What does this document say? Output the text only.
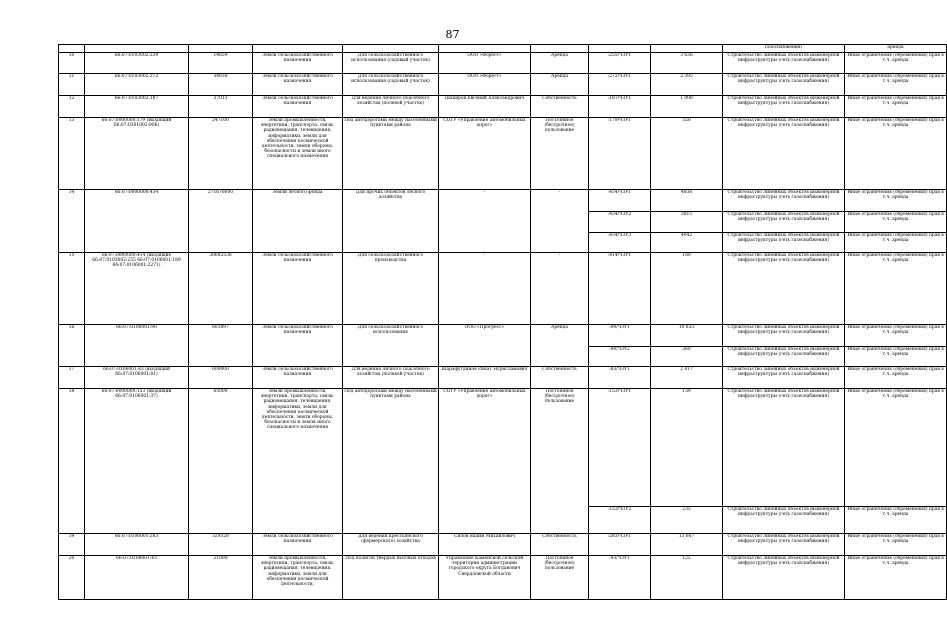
87
									газоснабжения)	аренда
10	66:07:0103002:239	14659	Земли сельскохозяйственного назначения	Для сельскохозяйственного использования (садовый участок)	ООО «Форест»	Аренда	:255/ЧЗУ1	3 636	Строительство линейных объектов инженерной инфраструктуры (сеть газоснабжения)	Иные ограничения (обременения) прав в т.ч. аренда
11	66:07:0103002:272	34658	Земли сельскохозяйственного назначения	Для сельскохозяйственного использования (садовый участок)	ООО «Форест»	Аренда	:272/ЧЗУ1	2 395	Строительство линейных объектов инженерной инфраструктуры (сеть газоснабжения)	Иные ограничения (обременения) прав в т.ч. аренда
12	66:07:0103002:187	37013	Земли сельскохозяйственного назначения	Для ведения личного подсобного хозяйства (полевой участок)	Шакиров Евгений Александрович	Собственность	:187/ЧЗУ1	1 008	Строительство линейных объектов инженерной инфраструктуры (сеть газоснабжения)	Иные ограничения (обременения) прав в т.ч. аренда
13	66:07:0000000:179 (входящий 66:07:0301002:906)	247100	Земли промышленности, энергетики, транспорта, связи, радиовещания, телевидения, информатики, земли для обеспечения космической деятельности, земли обороны, безопасности и земли иного специального назначения	Под автодорогами между населенными пунктами района	СОГУ «Управление автомобильных дорог»	Постоянное (бессрочное) пользование	:179/ЧЗУ1	320	Строительство линейных объектов инженерной инфраструктуры (сеть газоснабжения)	Иные ограничения (обременения) прав в т.ч. аренда
14	66:07:0000000:434	271676000	Земли лесного фонда	Для прочих объектов лесного хозяйства	-	-	:434/ЧЗУ1	4838	Строительство линейных объектов инженерной инфраструктуры (сеть газоснабжения)	Иные ограничения (обременения) прав в т.ч. аренда
							:434/ЧЗУ2	3815	Строительство линейных объектов инженерной инфраструктуры (сеть газоснабжения)	Иные ограничения (обременения) прав в т.ч. аренда
							:434/ЧЗУ3	4042	Строительство линейных объектов инженерной инфраструктуры (сеть газоснабжения)	Иные ограничения (обременения) прав в т.ч. аренда
15	66:07:0000000:414 (входящие 66:07:0103002:255 66:07:0106001:189 66:07:0106001:2271)	30682536	Земли сельскохозяйственного назначения	Для сельскохозяйственного производства	-	-	:414/ЧЗУ1	180	Строительство линейных объектов инженерной инфраструктуры (сеть газоснабжения)	Иные ограничения (обременения) прав в т.ч. аренда
16	66:07:0106001:90	601897	Земли сельскохозяйственного назначения	Для сельскохозяйственного использования	ООО «Прогресс»	Аренда	:90/ЧЗУ1	10 833	Строительство линейных объектов инженерной инфраструктуры (сеть газоснабжения)	Иные ограничения (обременения) прав в т.ч. аренда
							:90/ЧЗУ2	360	Строительство линейных объектов инженерной инфраструктуры (сеть газоснабжения)	Иные ограничения (обременения) прав в т.ч. аренда
17	66:07:0106001:83 (входящий 66:07:0106001:81)	600000	Земли сельскохозяйственного назначения	Для ведения личного подсобного хозяйства (полевой участок)	Шарафутдинов Ринат Нурисламович	Собственность	:83/ЧЗУ1	2 417	Строительство линейных объектов инженерной инфраструктуры (сеть газоснабжения)	Иные ограничения (обременения) прав в т.ч. аренда
18	66:07:0000000:153 (входящий 66:07:0106001:37)	65000	Земли промышленности, энергетики, транспорта, связи, радиовещания, телевидения, информатики, земли для обеспечения космической деятельности, земли обороны, безопасности и земли иного специального назначения	Под автодорогами между населенными пунктами района	СОГУ «Управление автомобильных дорог»	Постоянное (бессрочное) пользование	:153/ЧЗУ1	139	Строительство линейных объектов инженерной инфраструктуры (сеть газоснабжения)	Иные ограничения (обременения) прав в т.ч. аренда
							:153/ЧЗУ2	235	Строительство линейных объектов инженерной инфраструктуры (сеть газоснабжения)	Иные ограничения (обременения) прав в т.ч. аренда
19	66:07:0106001:283	329328	Земли сельскохозяйственного назначения	Для ведения крестьянского (фермерского) хозяйства	Силов Вадим Михайлович	Собственность	:283/ЧЗУ1	13 667	Строительство линейных объектов инженерной инфраструктуры (сеть газоснабжения)	Иные ограничения (обременения) прав в т.ч. аренда
20	66:07:0106001:43	21000	Земли промышленности, энергетики, транспорта, связи, радиовещания, телевидения, информатики, земли для обеспечения космической деятельности,	Под полигон твердых бытовых отходов	Управление Каменской сельской территории администрации городского округа Богданович Свердловской области	Постоянное (бессрочное) пользование	:43/ЧЗУ1	122	Строительство линейных объектов инженерной инфраструктуры (сеть газоснабжения)	Иные ограничения (обременения) прав в т.ч. аренда
